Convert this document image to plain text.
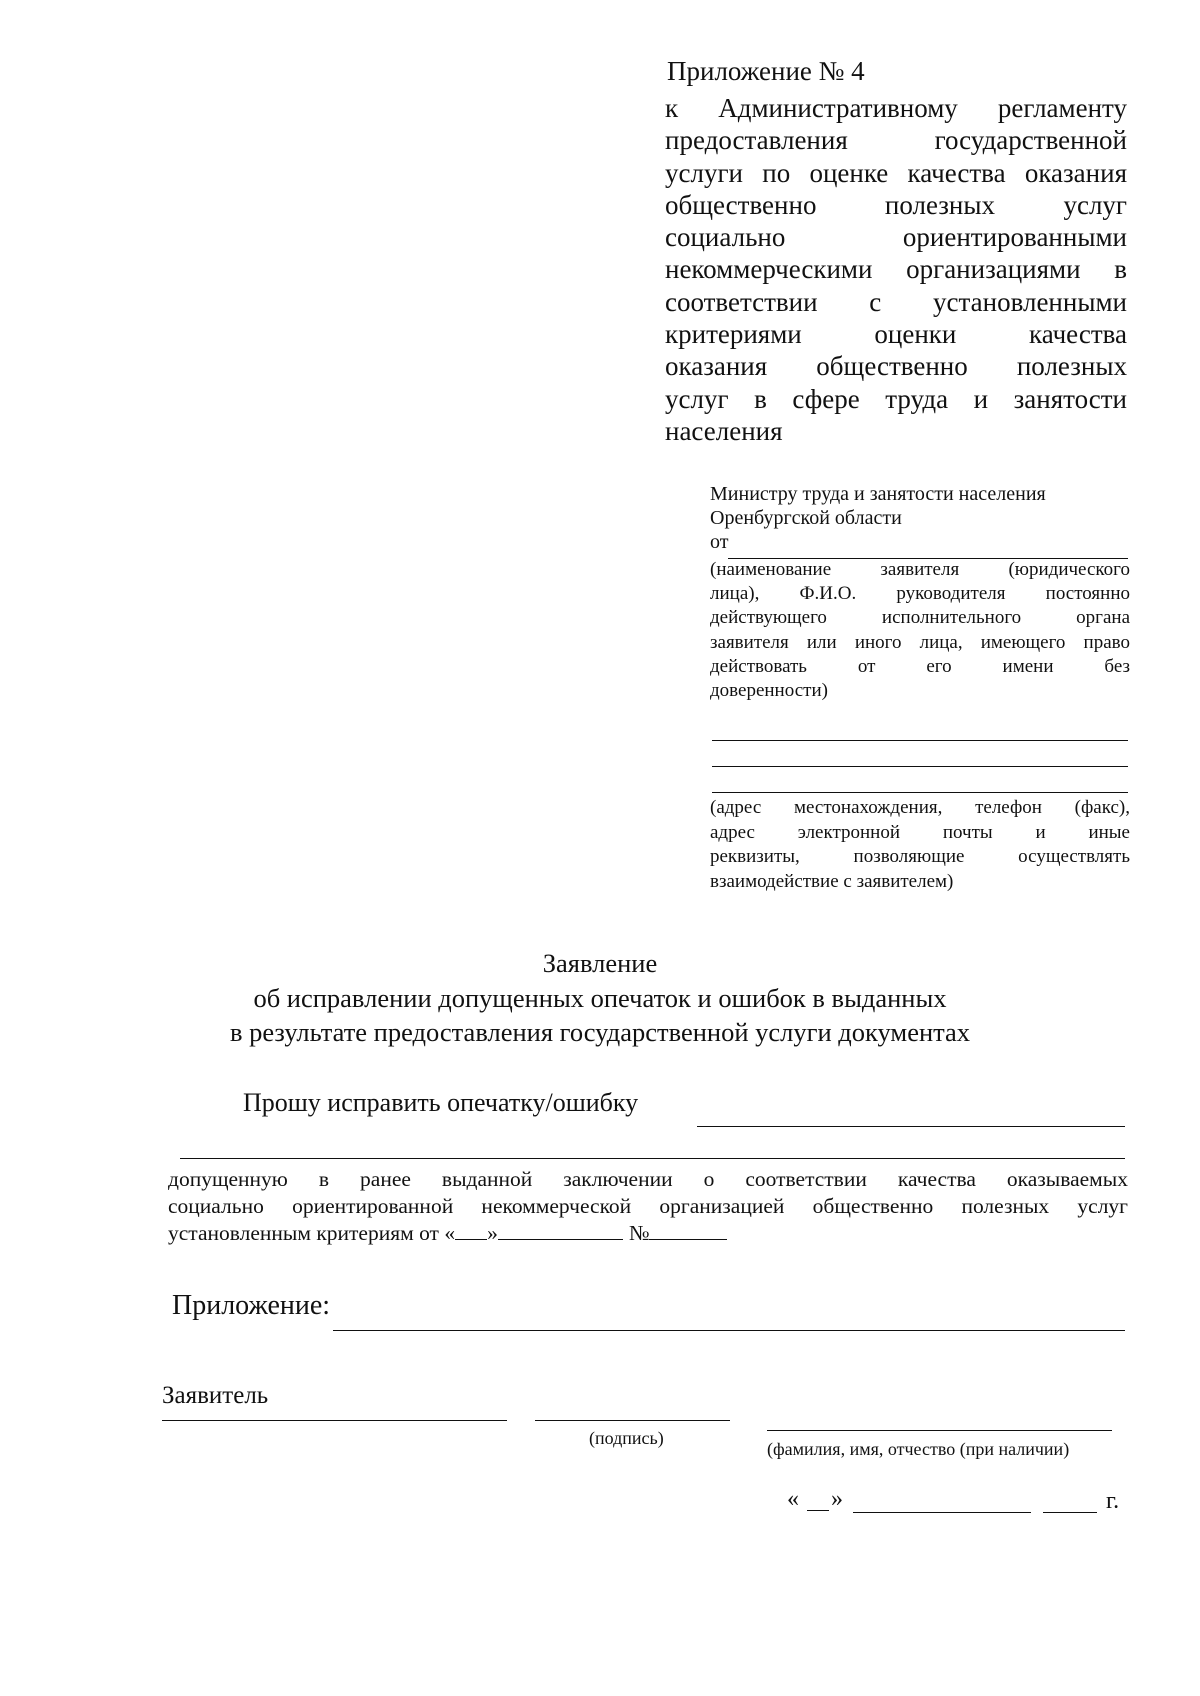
Приложение № 4
к Административному регламенту
предоставления государственной
услуги по оценке качества оказания
общественно полезных услуг
социально ориентированными
некоммерческими организациями в
соответствии с установленными
критериями оценки качества
оказания общественно полезных
услуг в сфере труда и занятости
населения
Министру труда и занятости населения
Оренбургской области
от
(наименование заявителя (юридического
лица), Ф.И.О. руководителя постоянно
действующего исполнительного органа
заявителя или иного лица, имеющего право
действовать от его имени без
доверенности)
(адрес местонахождения, телефон (факс),
адрес электронной почты и иные
реквизиты, позволяющие осуществлять
взаимодействие с заявителем)
Заявление
об исправлении допущенных опечаток и ошибок в выданных
в результате предоставления государственной услуги документах
Прошу исправить опечатку/ошибку
допущенную в ранее выданной заключении о соответствии качества оказываемых
социально ориентированной некоммерческой организацией общественно полезных услуг
установленным критериям от « »	№
Приложение:
Заявитель
(подпись)
(фамилия, имя, отчество (при наличии)
« »	г.
